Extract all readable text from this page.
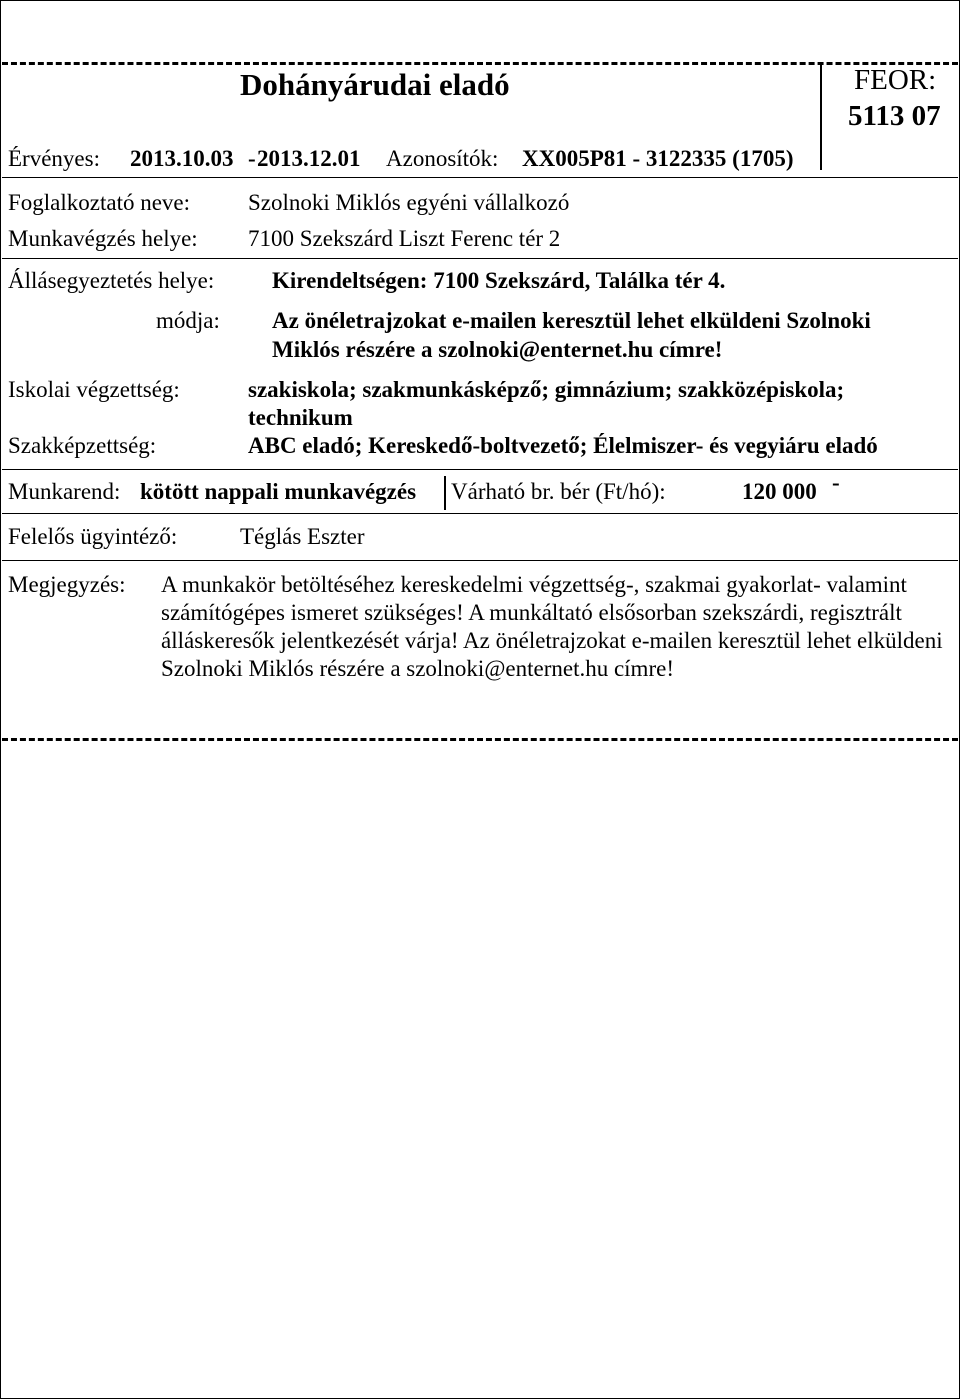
Dohányárudai eladó	FEOR:
5113 07
Érvényes: 2013.10.03 - 2013.12.01 Azonosítók: XX005P81 - 3122335 (1705)
Foglalkoztató neve:	Szolnoki Miklós egyéni vállalkozó
Munkavégzés helye: 7100 Szekszárd Liszt Ferenc tér 2
Állásegyeztetés helye:	Kirendeltségen: 7100 Szekszárd, Találka tér 4.
módja: Az önéletrajzokat e-mailen keresztül lehet elküldeni Szolnoki
Miklós részére a szolnoki@enternet.hu címre!
Iskolai végzettség:	szakiskola; szakmunkásképző; gimnázium; szakközépiskola;
technikum
Szakképzettség:	ABC eladó; Kereskedő-boltvezető; Élelmiszer- és vegyiáru eladó
Munkarend: kötött nappali munkavégzés Várható br. bér (Ft/hó):	120 000 -
Felelős ügyintéző:	Téglás Eszter
Megjegyzés: A munkakör betöltéséhez kereskedelmi végzettség-, szakmai gyakorlat- valamint számítógépes ismeret szükséges! A munkáltató elsősorban szekszárdi, regisztrált álláskeresők jelentkezését várja! Az önéletrajzokat e-mailen keresztül lehet elküldeni Szolnoki Miklós részére a szolnoki@enternet.hu címre!
